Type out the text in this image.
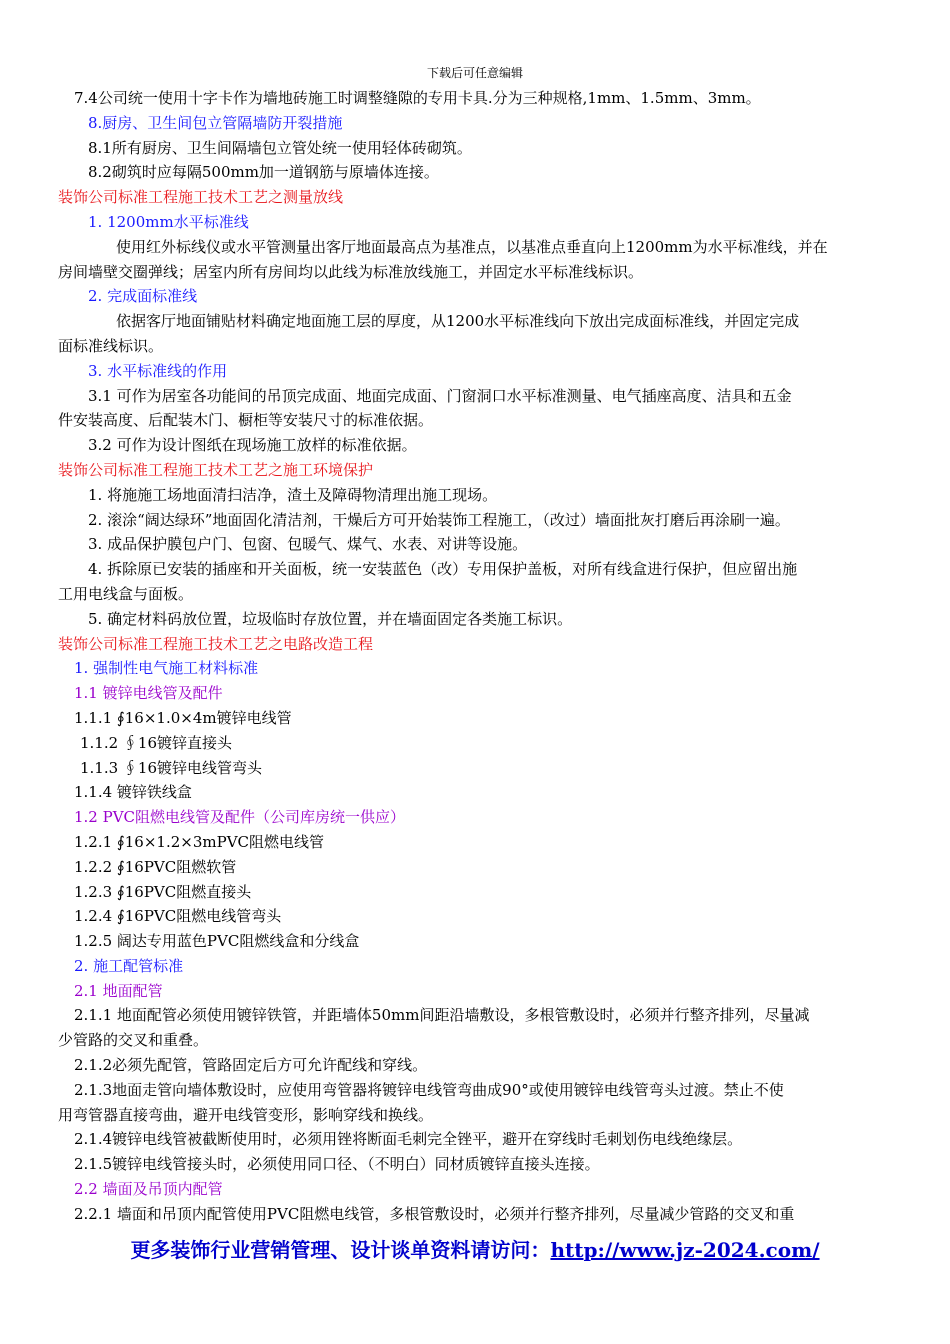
下载后可任意编辑
7.4公司统一使用十字卡作为墙地砖施工时调整缝隙的专用卡具.分为三种规格,1mm、1.5mm、3mm。
8.厨房、卫生间包立管隔墙防开裂措施
8.1所有厨房、卫生间隔墙包立管处统一使用轻体砖砌筑。
8.2砌筑时应每隔500mm加一道钢筋与原墙体连接。
装饰公司标准工程施工技术工艺之测量放线
1. 1200mm水平标准线
使用红外标线仪或水平管测量出客厅地面最高点为基准点，以基准点垂直向上1200mm为水平标准线，并在
房间墙壁交圈弹线；居室内所有房间均以此线为标准放线施工，并固定水平标准线标识。
2. 完成面标准线
依据客厅地面铺贴材料确定地面施工层的厚度，从1200水平标准线向下放出完成面标准线，并固定完成
面标准线标识。
3. 水平标准线的作用
3.1 可作为居室各功能间的吊顶完成面、地面完成面、门窗洞口水平标准测量、电气插座高度、洁具和五金
件安装高度、后配装木门、橱柜等安装尺寸的标准依据。
3.2 可作为设计图纸在现场施工放样的标准依据。
装饰公司标准工程施工技术工艺之施工环境保护
1. 将施施工场地面清扫洁净，渣土及障碍物清理出施工现场。
2. 滚涂“阔达绿环”地面固化清洁剂，干燥后方可开始装饰工程施工，（改过）墙面批灰打磨后再涂刷一遍。
3. 成品保护膜包户门、包窗、包暖气、煤气、水表、对讲等设施。
4. 拆除原已安装的插座和开关面板，统一安装蓝色（改）专用保护盖板，对所有线盒进行保护，但应留出施
工用电线盒与面板。
5. 确定材料码放位置，垃圾临时存放位置，并在墙面固定各类施工标识。
装饰公司标准工程施工技术工艺之电路改造工程
1. 强制性电气施工材料标准
1.1 镀锌电线管及配件
1.1.1 ∮16×1.0×4m镀锌电线管
1.1.2 ∮16镀锌直接头
1.1.3 ∮16镀锌电线管弯头
1.1.4 镀锌铁线盒
1.2 PVC阻燃电线管及配件（公司库房统一供应）
1.2.1 ∮16×1.2×3mPVC阻燃电线管
1.2.2 ∮16PVC阻燃软管
1.2.3 ∮16PVC阻燃直接头
1.2.4 ∮16PVC阻燃电线管弯头
1.2.5 阔达专用蓝色PVC阻燃线盒和分线盒
2. 施工配管标准
2.1 地面配管
2.1.1 地面配管必须使用镀锌铁管，并距墙体50mm间距沿墙敷设，多根管敷设时，必须并行整齐排列，尽量减
少管路的交叉和重叠。
2.1.2必须先配管，管路固定后方可允许配线和穿线。
2.1.3地面走管向墙体敷设时，应使用弯管器将镀锌电线管弯曲成90°或使用镀锌电线管弯头过渡。禁止不使
用弯管器直接弯曲，避开电线管变形，影响穿线和换线。
2.1.4镀锌电线管被截断使用时，必须用锉将断面毛刺完全锉平，避开在穿线时毛刺划伤电线绝缘层。
2.1.5镀锌电线管接头时，必须使用同口径、（不明白）同材质镀锌直接头连接。
2.2 墙面及吊顶内配管
2.2.1 墙面和吊顶内配管使用PVC阻燃电线管，多根管敷设时，必须并行整齐排列，尽量减少管路的交叉和重
更多装饰行业营销管理、设计谈单资料请访问：http://www.jz-2024.com/
